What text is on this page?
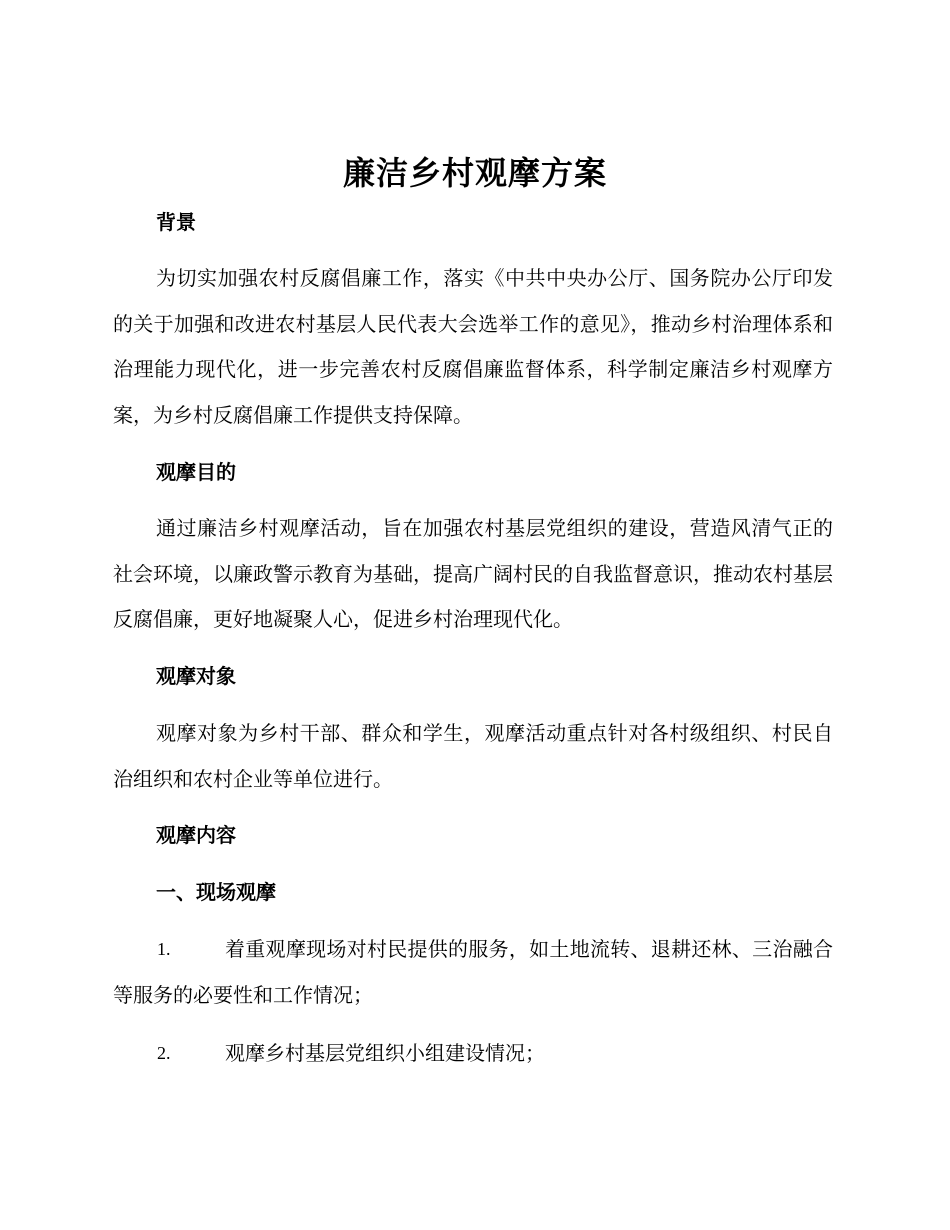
廉洁乡村观摩方案
背景
为切实加强农村反腐倡廉工作，落实《中共中央办公厅、国务院办公厅印发的关于加强和改进农村基层人民代表大会选举工作的意见》，推动乡村治理体系和治理能力现代化，进一步完善农村反腐倡廉监督体系，科学制定廉洁乡村观摩方案，为乡村反腐倡廉工作提供支持保障。
观摩目的
通过廉洁乡村观摩活动，旨在加强农村基层党组织的建设，营造风清气正的社会环境，以廉政警示教育为基础，提高广阔村民的自我监督意识，推动农村基层反腐倡廉，更好地凝聚人心，促进乡村治理现代化。
观摩对象
观摩对象为乡村干部、群众和学生，观摩活动重点针对各村级组织、村民自治组织和农村企业等单位进行。
观摩内容
一、现场观摩
1.	着重观摩现场对村民提供的服务，如土地流转、退耕还林、三治融合等服务的必要性和工作情况；
2.	观摩乡村基层党组织小组建设情况；
